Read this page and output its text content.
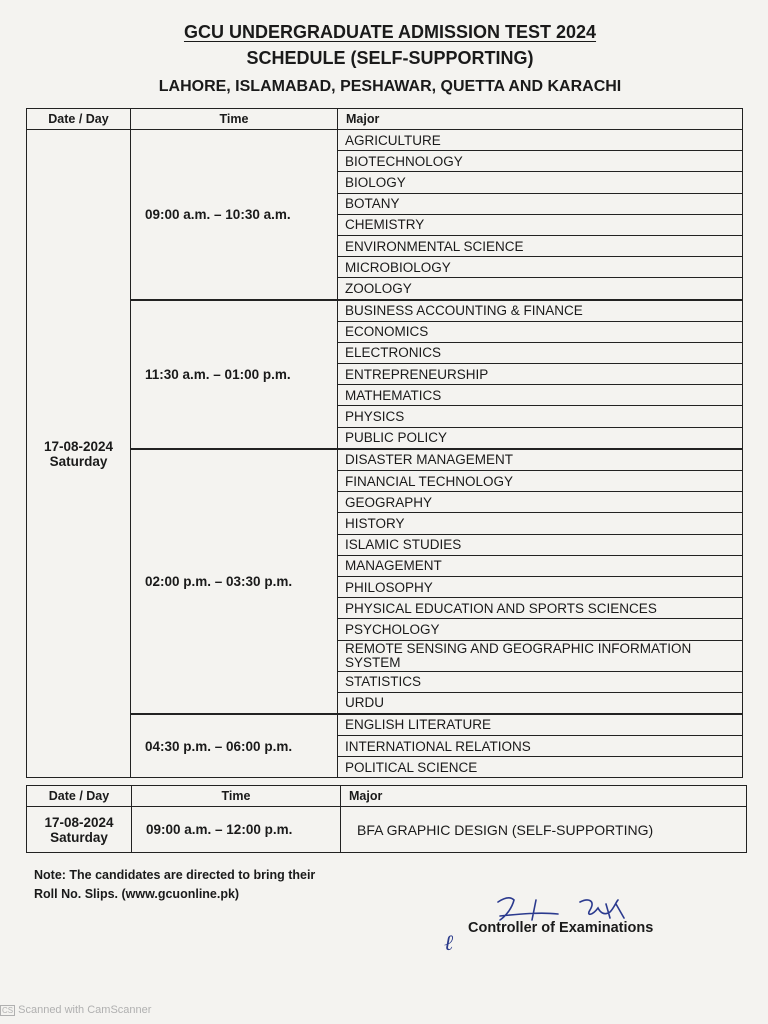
GCU UNDERGRADUATE ADMISSION TEST 2024
SCHEDULE (SELF-SUPPORTING)
LAHORE, ISLAMABAD, PESHAWAR, QUETTA AND KARACHI
Date / Day	Time	Major

17-08-2024
Saturday	09:00 a.m. – 10:30 a.m.	AGRICULTURE
		BIOTECHNOLOGY
		BIOLOGY
		BOTANY
		CHEMISTRY
		ENVIRONMENTAL SCIENCE
		MICROBIOLOGY
		ZOOLOGY
	11:30 a.m. – 01:00 p.m.	BUSINESS ACCOUNTING & FINANCE
		ECONOMICS
		ELECTRONICS
		ENTREPRENEURSHIP
		MATHEMATICS
		PHYSICS
		PUBLIC POLICY
	02:00 p.m. – 03:30 p.m.	DISASTER MANAGEMENT
		FINANCIAL TECHNOLOGY
		GEOGRAPHY
		HISTORY
		ISLAMIC STUDIES
		MANAGEMENT
		PHILOSOPHY
		PHYSICAL EDUCATION AND SPORTS SCIENCES
		PSYCHOLOGY
		REMOTE SENSING AND GEOGRAPHIC INFORMATION SYSTEM
		STATISTICS
		URDU
	04:30 p.m. – 06:00 p.m.	ENGLISH LITERATURE
		INTERNATIONAL RELATIONS
		POLITICAL SCIENCE
Date / Day	Time	Major

17-08-2024
Saturday	09:00 a.m. – 12:00 p.m.	BFA GRAPHIC DESIGN (SELF-SUPPORTING)
Note: The candidates are directed to bring their
Roll No. Slips. (www.gcuonline.pk)
ℓ
Controller of Examinations
CS Scanned with CamScanner
